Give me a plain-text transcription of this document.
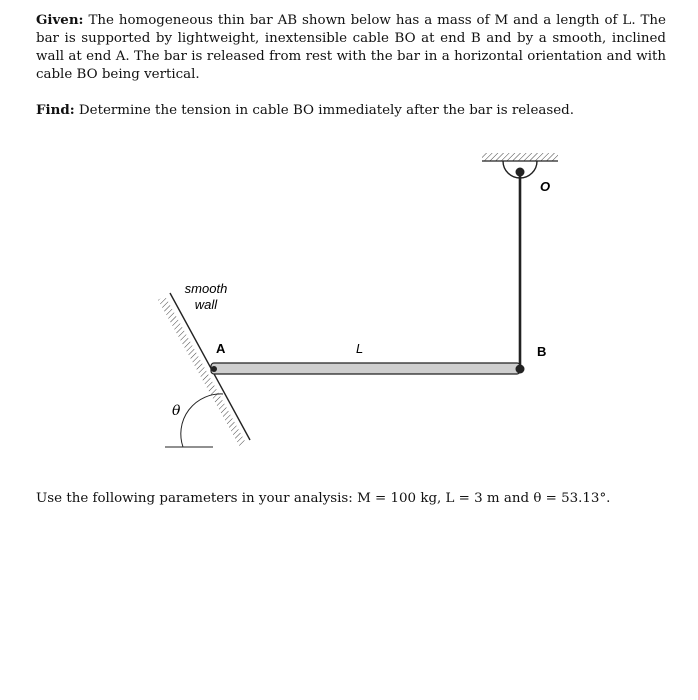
Given: The homogeneous thin bar AB shown below has a mass of M and a length of L. The bar is supported by lightweight, inextensible cable BO at end B and by a smooth, inclined wall at end A. The bar is released from rest with the bar in a horizontal orientation and with cable BO being vertical.
Find: Determine the tension in cable BO immediately after the bar is released.
O
smooth
wall
A	L	B
θ
Use the following parameters in your analysis: M = 100 kg, L = 3 m and θ = 53.13°.
